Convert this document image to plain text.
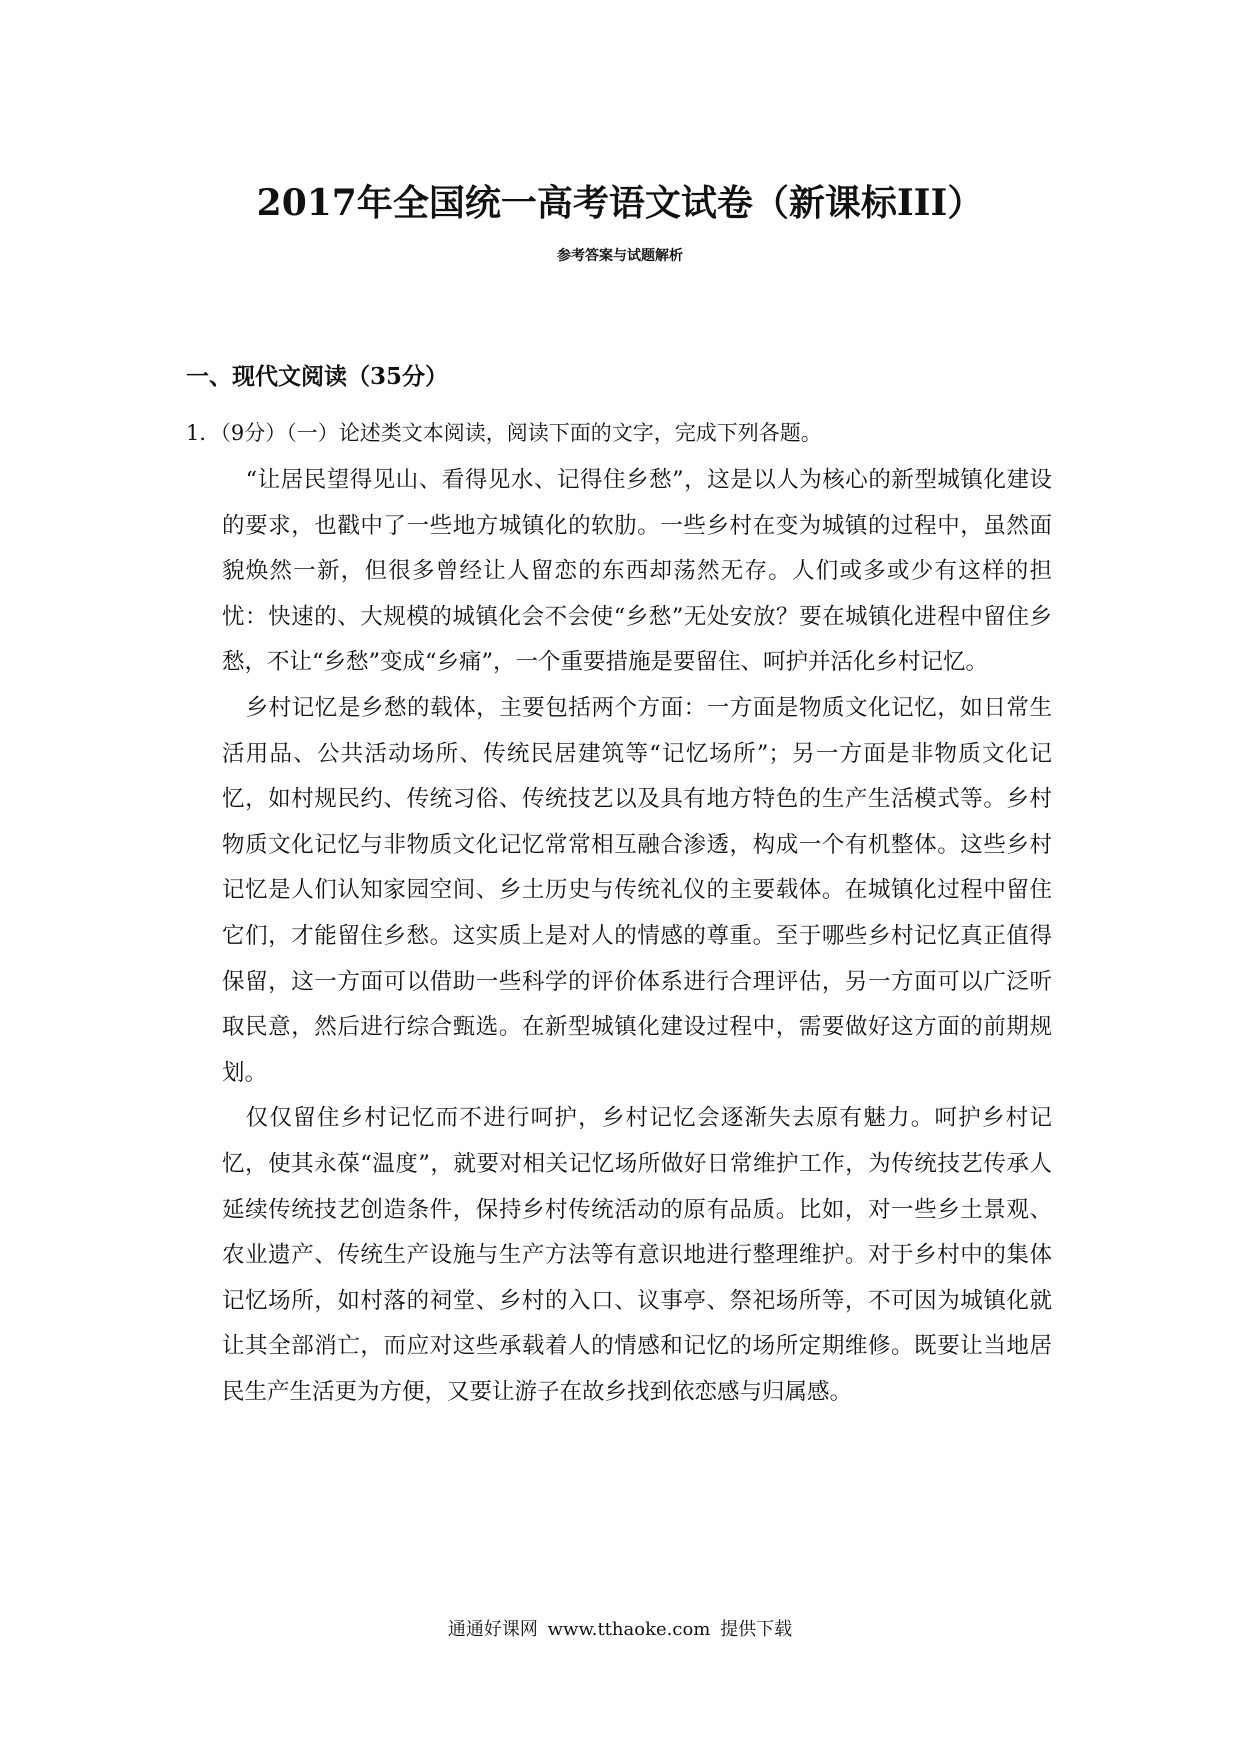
2017年全国统一高考语文试卷（新课标III）
参考答案与试题解析
一、现代文阅读（35分）
1．（9分）（一）论述类文本阅读，阅读下面的文字，完成下列各题。

“让居民望得见山、看得见水、记得住乡愁”，这是以人为核心的新型城镇化建设的要求，也戳中了一些地方城镇化的软肋。一些乡村在变为城镇的过程中，虽然面貌焕然一新，但很多曾经让人留恋的东西却荡然无存。人们或多或少有这样的担忧：快速的、大规模的城镇化会不会使“乡愁”无处安放？要在城镇化进程中留住乡愁，不让“乡愁”变成“乡痛”，一个重要措施是要留住、呵护并活化乡村记忆。

乡村记忆是乡愁的载体，主要包括两个方面：一方面是物质文化记忆，如日常生活用品、公共活动场所、传统民居建筑等“记忆场所”；另一方面是非物质文化记忆，如村规民约、传统习俗、传统技艺以及具有地方特色的生产生活模式等。乡村物质文化记忆与非物质文化记忆常常相互融合渗透，构成一个有机整体。这些乡村记忆是人们认知家园空间、乡土历史与传统礼仪的主要载体。在城镇化过程中留住它们，才能留住乡愁。这实质上是对人的情感的尊重。至于哪些乡村记忆真正值得保留，这一方面可以借助一些科学的评价体系进行合理评估，另一方面可以广泛听取民意，然后进行综合甄选。在新型城镇化建设过程中，需要做好这方面的前期规划。

仅仅留住乡村记忆而不进行呵护，乡村记忆会逐渐失去原有魅力。呵护乡村记忆，使其永葆“温度”，就要对相关记忆场所做好日常维护工作，为传统技艺传承人延续传统技艺创造条件，保持乡村传统活动的原有品质。比如，对一些乡土景观、农业遗产、传统生产设施与生产方法等有意识地进行整理维护。对于乡村中的集体记忆场所，如村落的祠堂、乡村的入口、议事亭、祭祀场所等，不可因为城镇化就让其全部消亡，而应对这些承载着人的情感和记忆的场所定期维修。既要让当地居民生产生活更为方便，又要让游子在故乡找到依恋感与归属感。

通通好课网 www.tthaoke.com 提供下载
